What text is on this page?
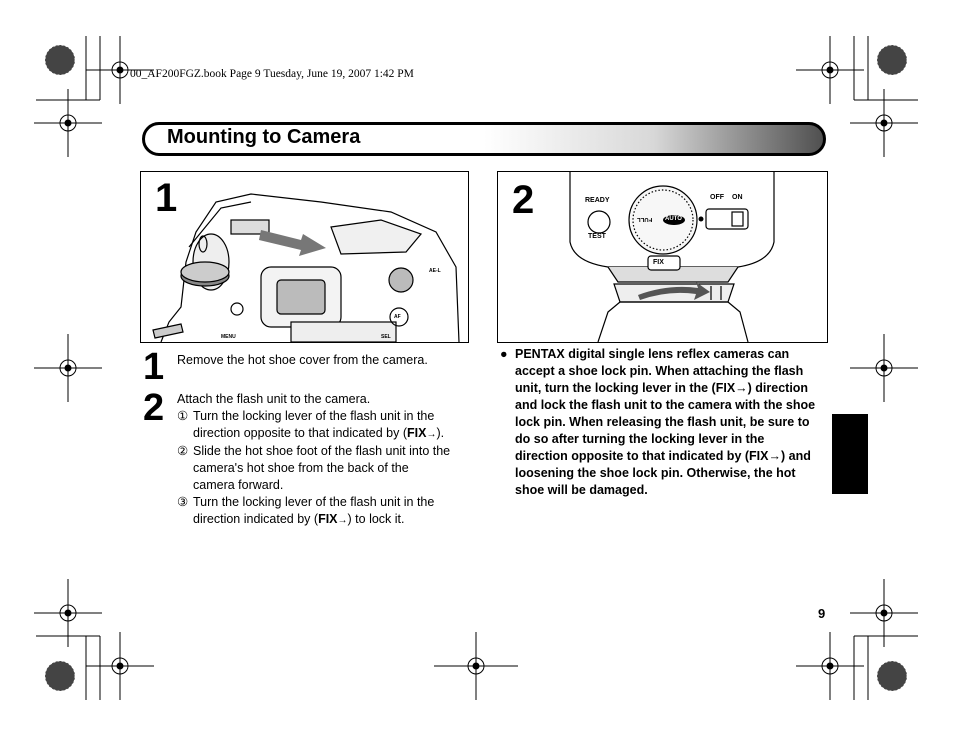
00_AF200FGZ.book Page 9 Tuesday, June 19, 2007 1:42 PM
Mounting to Camera
1
MENU
AE-L
AF
SEL
2	READY
TEST
OFF ON
AUTO
FULL
FIX
1 Remove the hot shoe cover from the camera.
2 Attach the flash unit to the camera.
① Turn the locking lever of the flash unit in the
direction opposite to that indicated by (FIX→).
② Slide the hot shoe foot of the flash unit into the
camera's hot shoe from the back of the
camera forward.
③ Turn the locking lever of the flash unit in the
direction indicated by (FIX→) to lock it.
● PENTAX digital single lens reflex cameras can
accept a shoe lock pin. When attaching the flash
unit, turn the locking lever in the (FIX→) direction
and lock the flash unit to the camera with the shoe
lock pin. When releasing the flash unit, be sure to
do so after turning the locking lever in the
direction opposite to that indicated by (FIX→) and
loosening the shoe lock pin. Otherwise, the hot
shoe will be damaged.
9
